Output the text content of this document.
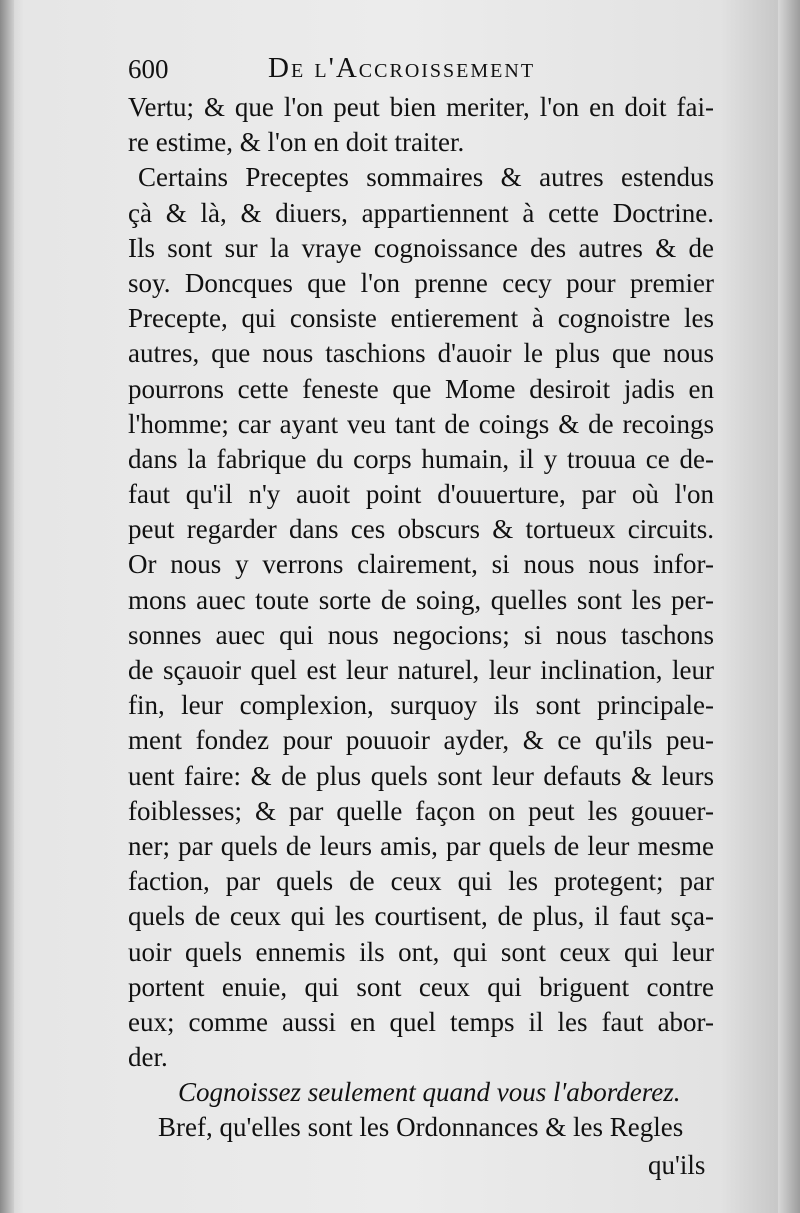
600	De l'Accroissement
Vertu; & que l'on peut bien meriter, l'on en doit fai-
re estime, & l'on en doit traiter.
Certains Preceptes sommaires & autres estendus
çà & là, & diuers, appartiennent à cette Doctrine.
Ils sont sur la vraye cognoissance des autres & de
soy. Doncques que l'on prenne cecy pour premier
Precepte, qui consiste entierement à cognoistre les
autres, que nous taschions d'auoir le plus que nous
pourrons cette feneste que Mome desiroit jadis en
l'homme; car ayant veu tant de coings & de recoings
dans la fabrique du corps humain, il y trouua ce de-
faut qu'il n'y auoit point d'ouuerture, par où l'on
peut regarder dans ces obscurs & tortueux circuits.
Or nous y verrons clairement, si nous nous infor-
mons auec toute sorte de soing, quelles sont les per-
sonnes auec qui nous negocions; si nous taschons
de sçauoir quel est leur naturel, leur inclination, leur
fin, leur complexion, surquoy ils sont principale-
ment fondez pour pouuoir ayder, & ce qu'ils peu-
uent faire: & de plus quels sont leur defauts & leurs
foiblesses; & par quelle façon on peut les gouuer-
ner; par quels de leurs amis, par quels de leur mesme
faction, par quels de ceux qui les protegent; par
quels de ceux qui les courtisent, de plus, il faut sça-
uoir quels ennemis ils ont, qui sont ceux qui leur
portent enuie, qui sont ceux qui briguent contre
eux; comme aussi en quel temps il les faut abor-
der.
Cognoissez seulement quand vous l'aborderez.
Bref, qu'elles sont les Ordonnances & les Regles
qu'ils
